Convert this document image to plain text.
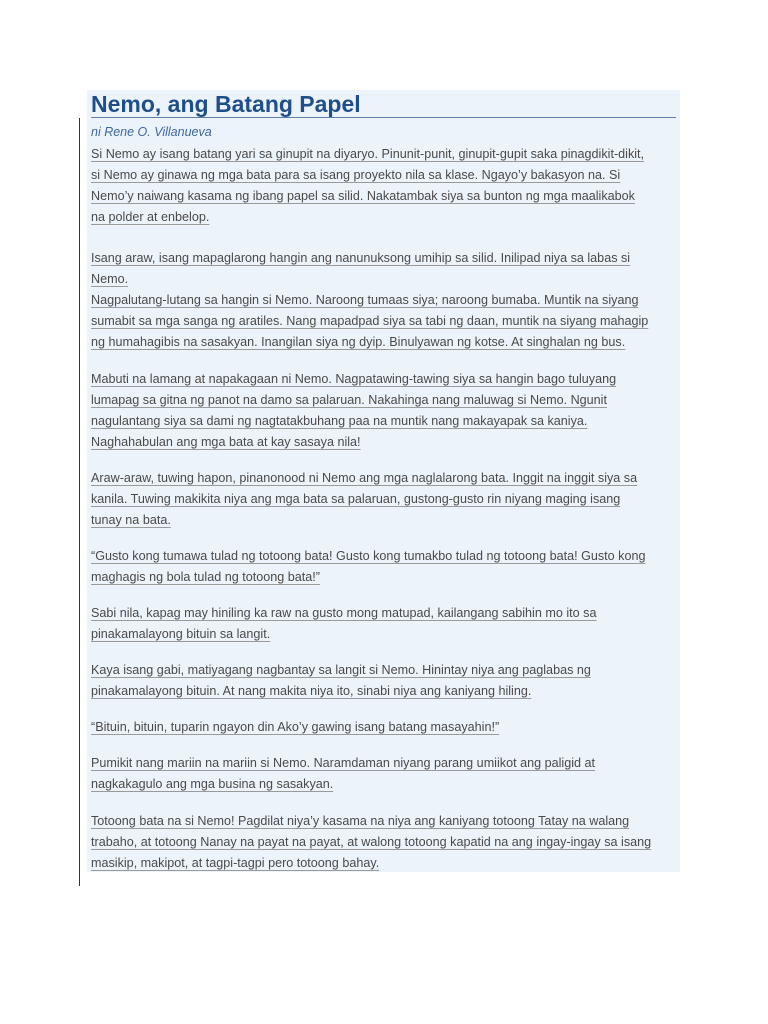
Nemo, ang Batang Papel
ni Rene O. Villanueva
Si Nemo ay isang batang yari sa ginupit na diyaryo. Pinunit-punit, ginupit-gupit saka pinagdikit-dikit,
si Nemo ay ginawa ng mga bata para sa isang proyekto nila sa klase. Ngayo’y bakasyon na. Si
Nemo’y naiwang kasama ng ibang papel sa silid. Nakatambak siya sa bunton ng mga maalikabok
na polder at enbelop.
Isang araw, isang mapaglarong hangin ang nanunuksong umihip sa silid. Inilipad niya sa labas si
Nemo.
Nagpalutang-lutang sa hangin si Nemo. Naroong tumaas siya; naroong bumaba. Muntik na siyang
sumabit sa mga sanga ng aratiles. Nang mapadpad siya sa tabi ng daan, muntik na siyang mahagip
ng humahagibis na sasakyan. Inangilan siya ng dyip. Binulyawan ng kotse. At singhalan ng bus.
Mabuti na lamang at napakagaan ni Nemo. Nagpatawing-tawing siya sa hangin bago tuluyang
lumapag sa gitna ng panot na damo sa palaruan. Nakahinga nang maluwag si Nemo. Ngunit
nagulantang siya sa dami ng nagtatakbuhang paa na muntik nang makayapak sa kaniya.
Naghahabulan ang mga bata at kay sasaya nila!
Araw-araw, tuwing hapon, pinanonood ni Nemo ang mga naglalarong bata. Inggit na inggit siya sa
kanila. Tuwing makikita niya ang mga bata sa palaruan, gustong-gusto rin niyang maging isang
tunay na bata.
“Gusto kong tumawa tulad ng totoong bata! Gusto kong tumakbo tulad ng totoong bata! Gusto kong
maghagis ng bola tulad ng totoong bata!”
Sabi nila, kapag may hiniling ka raw na gusto mong matupad, kailangang sabihin mo ito sa
pinakamalayong bituin sa langit.
Kaya isang gabi, matiyagang nagbantay sa langit si Nemo. Hinintay niya ang paglabas ng
pinakamalayong bituin. At nang makita niya ito, sinabi niya ang kaniyang hiling.
“Bituin, bituin, tuparin ngayon din Ako’y gawing isang batang masayahin!”
Pumikit nang mariin na mariin si Nemo. Naramdaman niyang parang umiikot ang paligid at
nagkakagulo ang mga busina ng sasakyan.
Totoong bata na si Nemo! Pagdilat niya’y kasama na niya ang kaniyang totoong Tatay na walang
trabaho, at totoong Nanay na payat na payat, at walong totoong kapatid na ang ingay-ingay sa isang
masikip, makipot, at tagpi-tagpi pero totoong bahay.
